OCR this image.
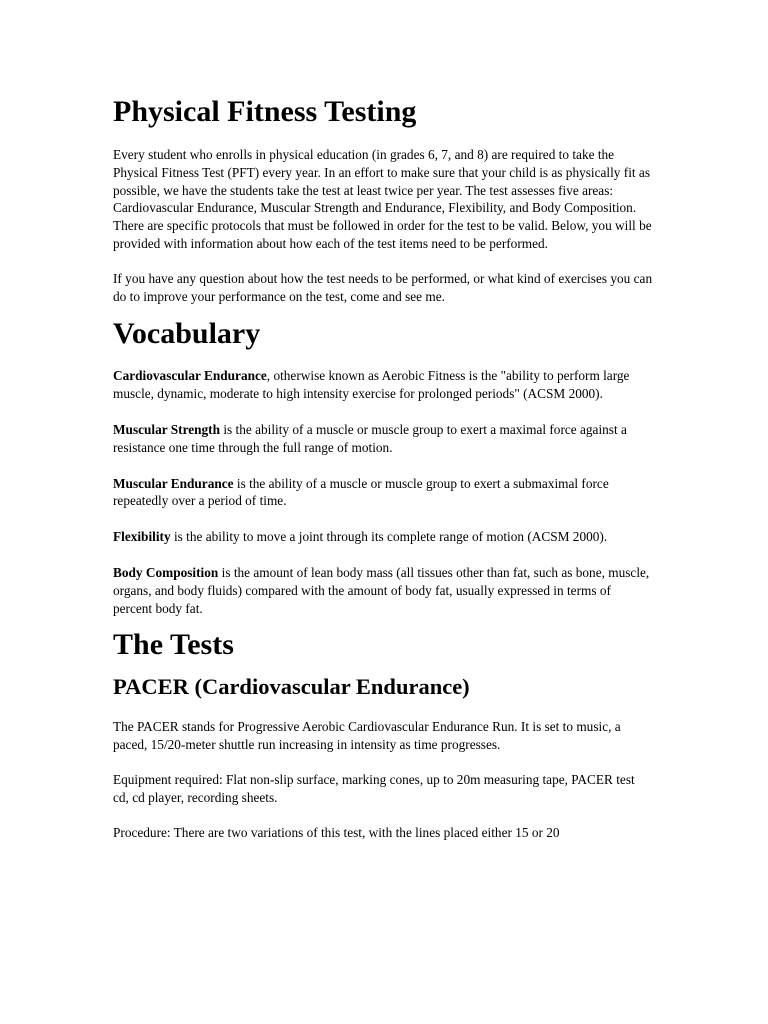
Physical Fitness Testing

Every student who enrolls in physical education (in grades 6, 7, and 8) are required to take the Physical Fitness Test (PFT) every year. In an effort to make sure that your child is as physically fit as possible, we have the students take the test at least twice per year. The test assesses five areas: Cardiovascular Endurance, Muscular Strength and Endurance, Flexibility, and Body Composition. There are specific protocols that must be followed in order for the test to be valid. Below, you will be provided with information about how each of the test items need to be performed.

If you have any question about how the test needs to be performed, or what kind of exercises you can do to improve your performance on the test, come and see me.

Vocabulary

Cardiovascular Endurance, otherwise known as Aerobic Fitness is the "ability to perform large muscle, dynamic, moderate to high intensity exercise for prolonged periods" (ACSM 2000).

Muscular Strength is the ability of a muscle or muscle group to exert a maximal force against a resistance one time through the full range of motion.

Muscular Endurance is the ability of a muscle or muscle group to exert a submaximal force repeatedly over a period of time.

Flexibility is the ability to move a joint through its complete range of motion (ACSM 2000).

Body Composition is the amount of lean body mass (all tissues other than fat, such as bone, muscle, organs, and body fluids) compared with the amount of body fat, usually expressed in terms of percent body fat.

The Tests
PACER (Cardiovascular Endurance)

The PACER stands for Progressive Aerobic Cardiovascular Endurance Run. It is set to music, a paced, 15/20-meter shuttle run increasing in intensity as time progresses.

Equipment required: Flat non-slip surface, marking cones, up to 20m measuring tape, PACER test cd, cd player, recording sheets.

Procedure: There are two variations of this test, with the lines placed either 15 or 20
